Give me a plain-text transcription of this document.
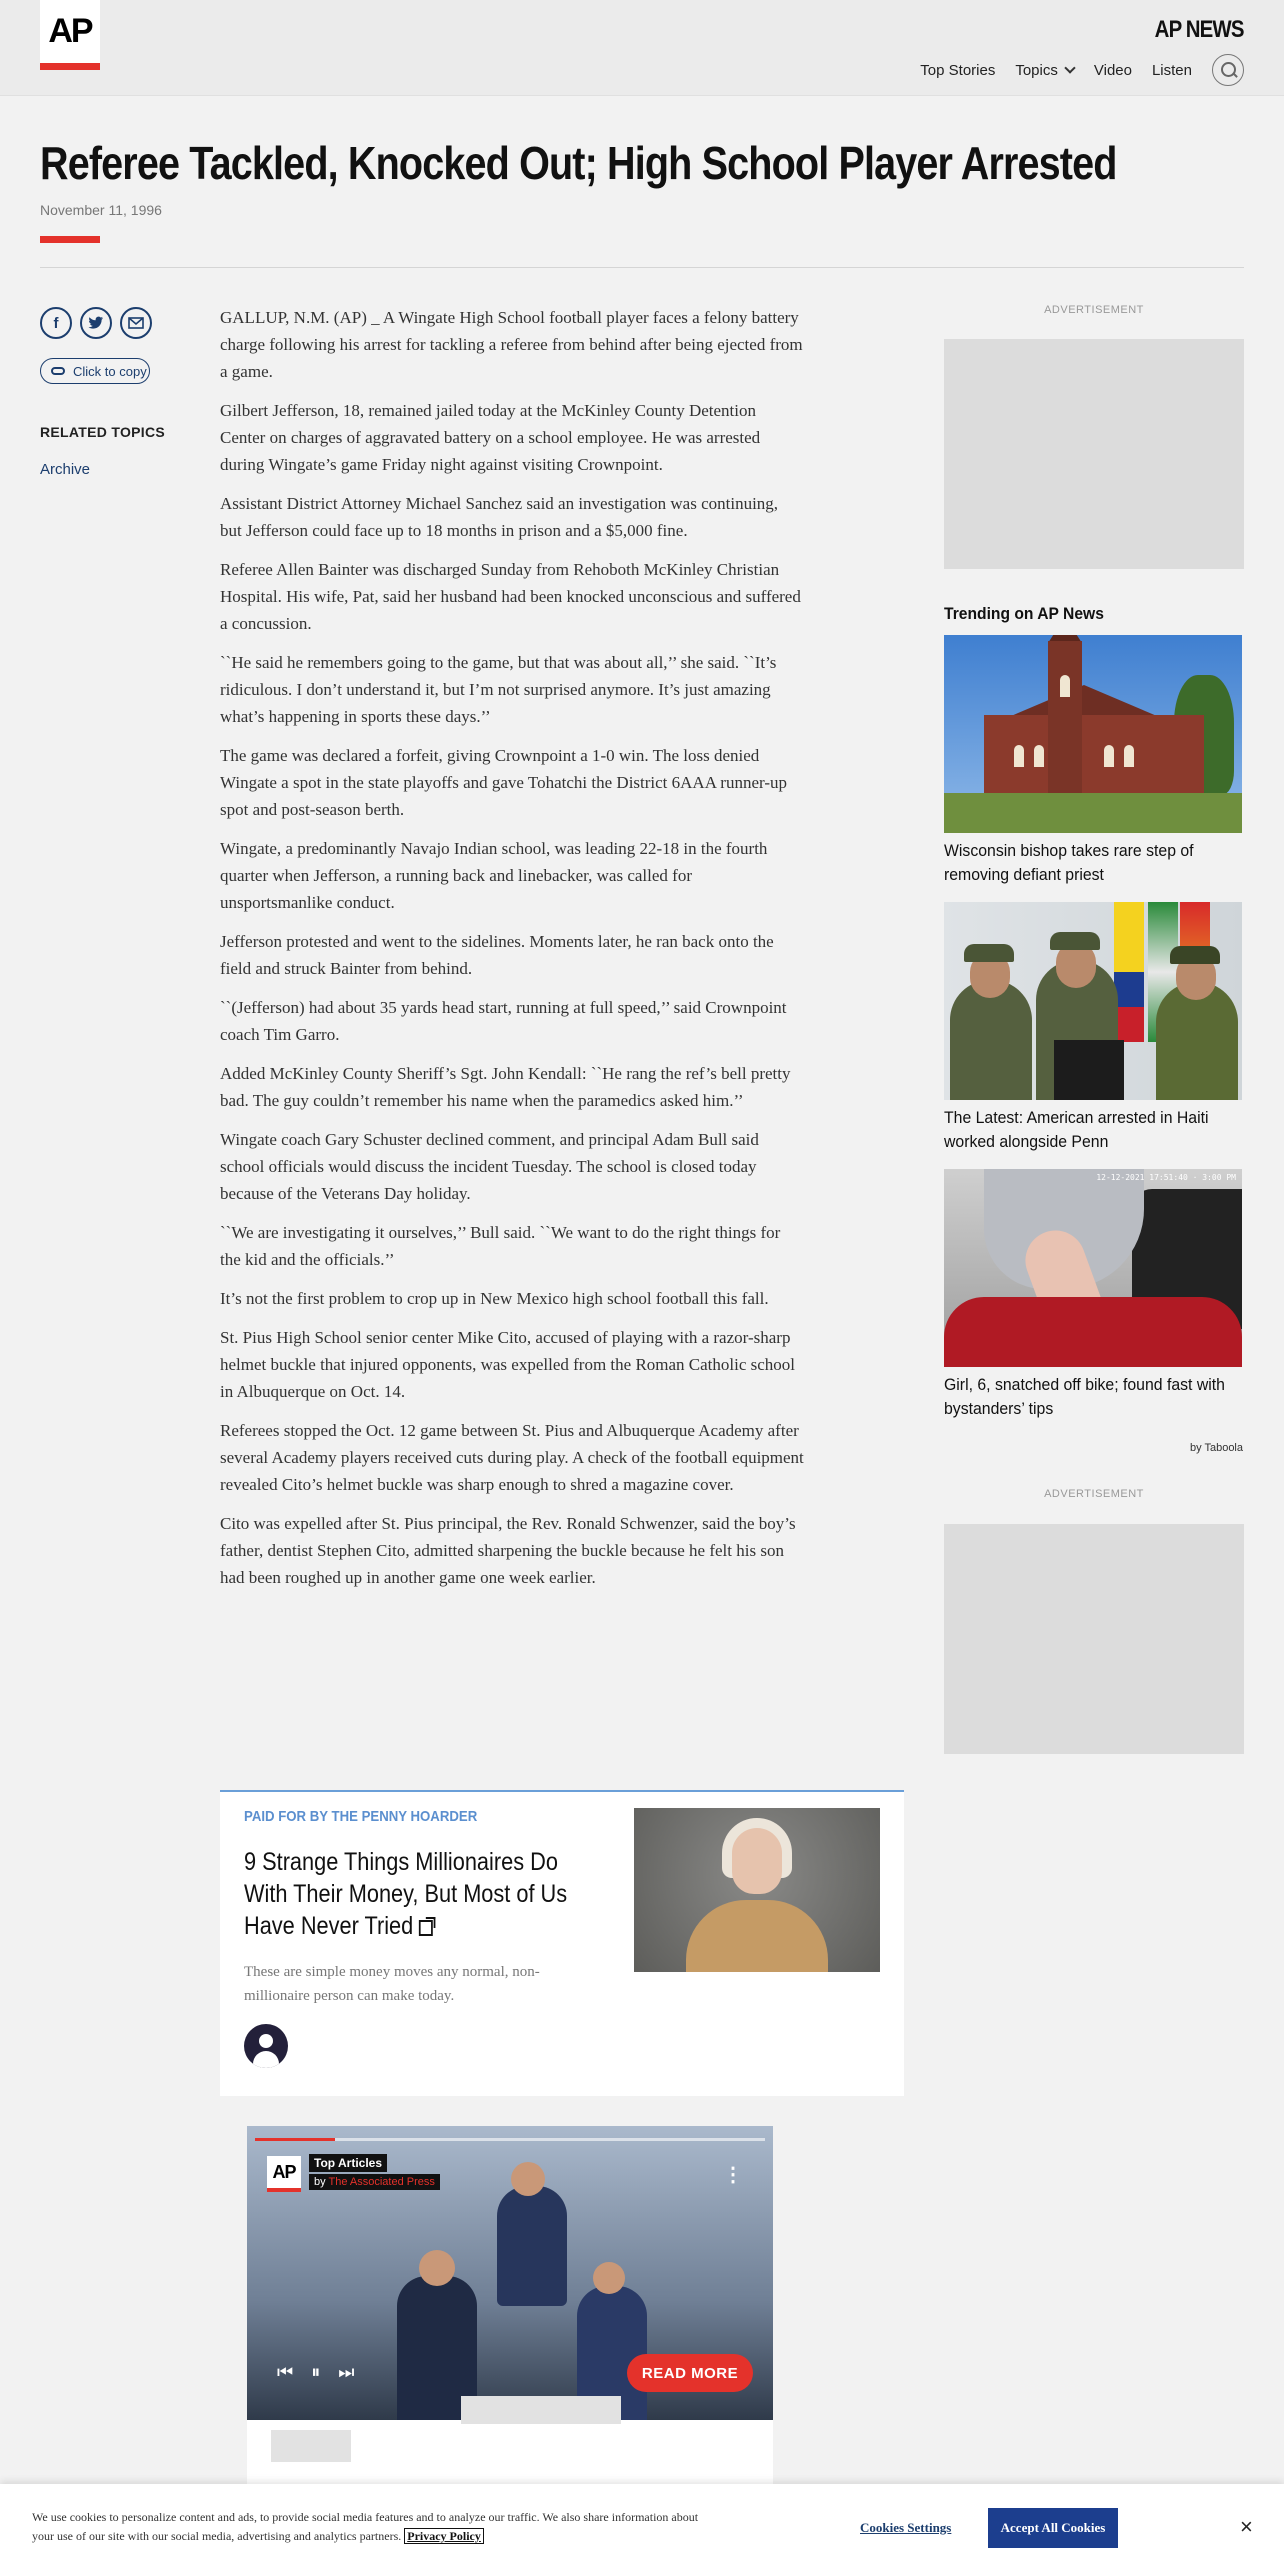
AP	AP NEWS
Top Stories Topics Video Listen
Referee Tackled, Knocked Out; High School Player Arrested
November 11, 1996
f
Click to copy
RELATED TOPICS
Archive

GALLUP, N.M. (AP) _ A Wingate High School football player faces a felony battery charge following his arrest for tackling a referee from behind after being ejected from a game.

Gilbert Jefferson, 18, remained jailed today at the McKinley County Detention Center on charges of aggravated battery on a school employee. He was arrested during Wingate’s game Friday night against visiting Crownpoint.

Assistant District Attorney Michael Sanchez said an investigation was continuing, but Jefferson could face up to 18 months in prison and a $5,000 fine.

Referee Allen Bainter was discharged Sunday from Rehoboth McKinley Christian Hospital. His wife, Pat, said her husband had been knocked unconscious and suffered a concussion.

``He said he remembers going to the game, but that was about all,’’ she said. ``It’s ridiculous. I don’t understand it, but I’m not surprised anymore. It’s just amazing what’s happening in sports these days.’’

The game was declared a forfeit, giving Crownpoint a 1-0 win. The loss denied Wingate a spot in the state playoffs and gave Tohatchi the District 6AAA runner-up spot and post-season berth.

Wingate, a predominantly Navajo Indian school, was leading 22-18 in the fourth quarter when Jefferson, a running back and linebacker, was called for unsportsmanlike conduct.

Jefferson protested and went to the sidelines. Moments later, he ran back onto the field and struck Bainter from behind.

``(Jefferson) had about 35 yards head start, running at full speed,’’ said Crownpoint coach Tim Garro.

Added McKinley County Sheriff’s Sgt. John Kendall: ``He rang the ref’s bell pretty bad. The guy couldn’t remember his name when the paramedics asked him.’’

Wingate coach Gary Schuster declined comment, and principal Adam Bull said school officials would discuss the incident Tuesday. The school is closed today because of the Veterans Day holiday.

``We are investigating it ourselves,’’ Bull said. ``We want to do the right things for the kid and the officials.’’

It’s not the first problem to crop up in New Mexico high school football this fall.

St. Pius High School senior center Mike Cito, accused of playing with a razor-sharp helmet buckle that injured opponents, was expelled from the Roman Catholic school in Albuquerque on Oct. 14.

Referees stopped the Oct. 12 game between St. Pius and Albuquerque Academy after several Academy players received cuts during play. A check of the football equipment revealed Cito’s helmet buckle was sharp enough to shred a magazine cover.

Cito was expelled after St. Pius principal, the Rev. Ronald Schwenzer, said the boy’s father, dentist Stephen Cito, admitted sharpening the buckle because he felt his son had been roughed up in another game one week earlier.

ADVERTISEMENT
Trending on AP News
Wisconsin bishop takes rare step of removing defiant priest
The Latest: American arrested in Haiti worked alongside Penn
12-12-2021 17:51:40 · 3:00 PM
Girl, 6, snatched off bike; found fast with bystanders’ tips
by Taboola
ADVERTISEMENT
PAID FOR BY THE PENNY HOARDER
9 Strange Things Millionaires Do With Their Money, But Most of Us Have Never Tried
These are simple money moves any normal, non-millionaire person can make today.
AP	Top Articles
by The Associated Press	⋮
⏮ ⏸ ⏭	READ MORE
We use cookies to personalize content and ads, to provide social media features and to analyze our traffic. We also share information about your use of our site with our social media, advertising and analytics partners. Privacy Policy
Cookies Settings	Accept All Cookies	×
